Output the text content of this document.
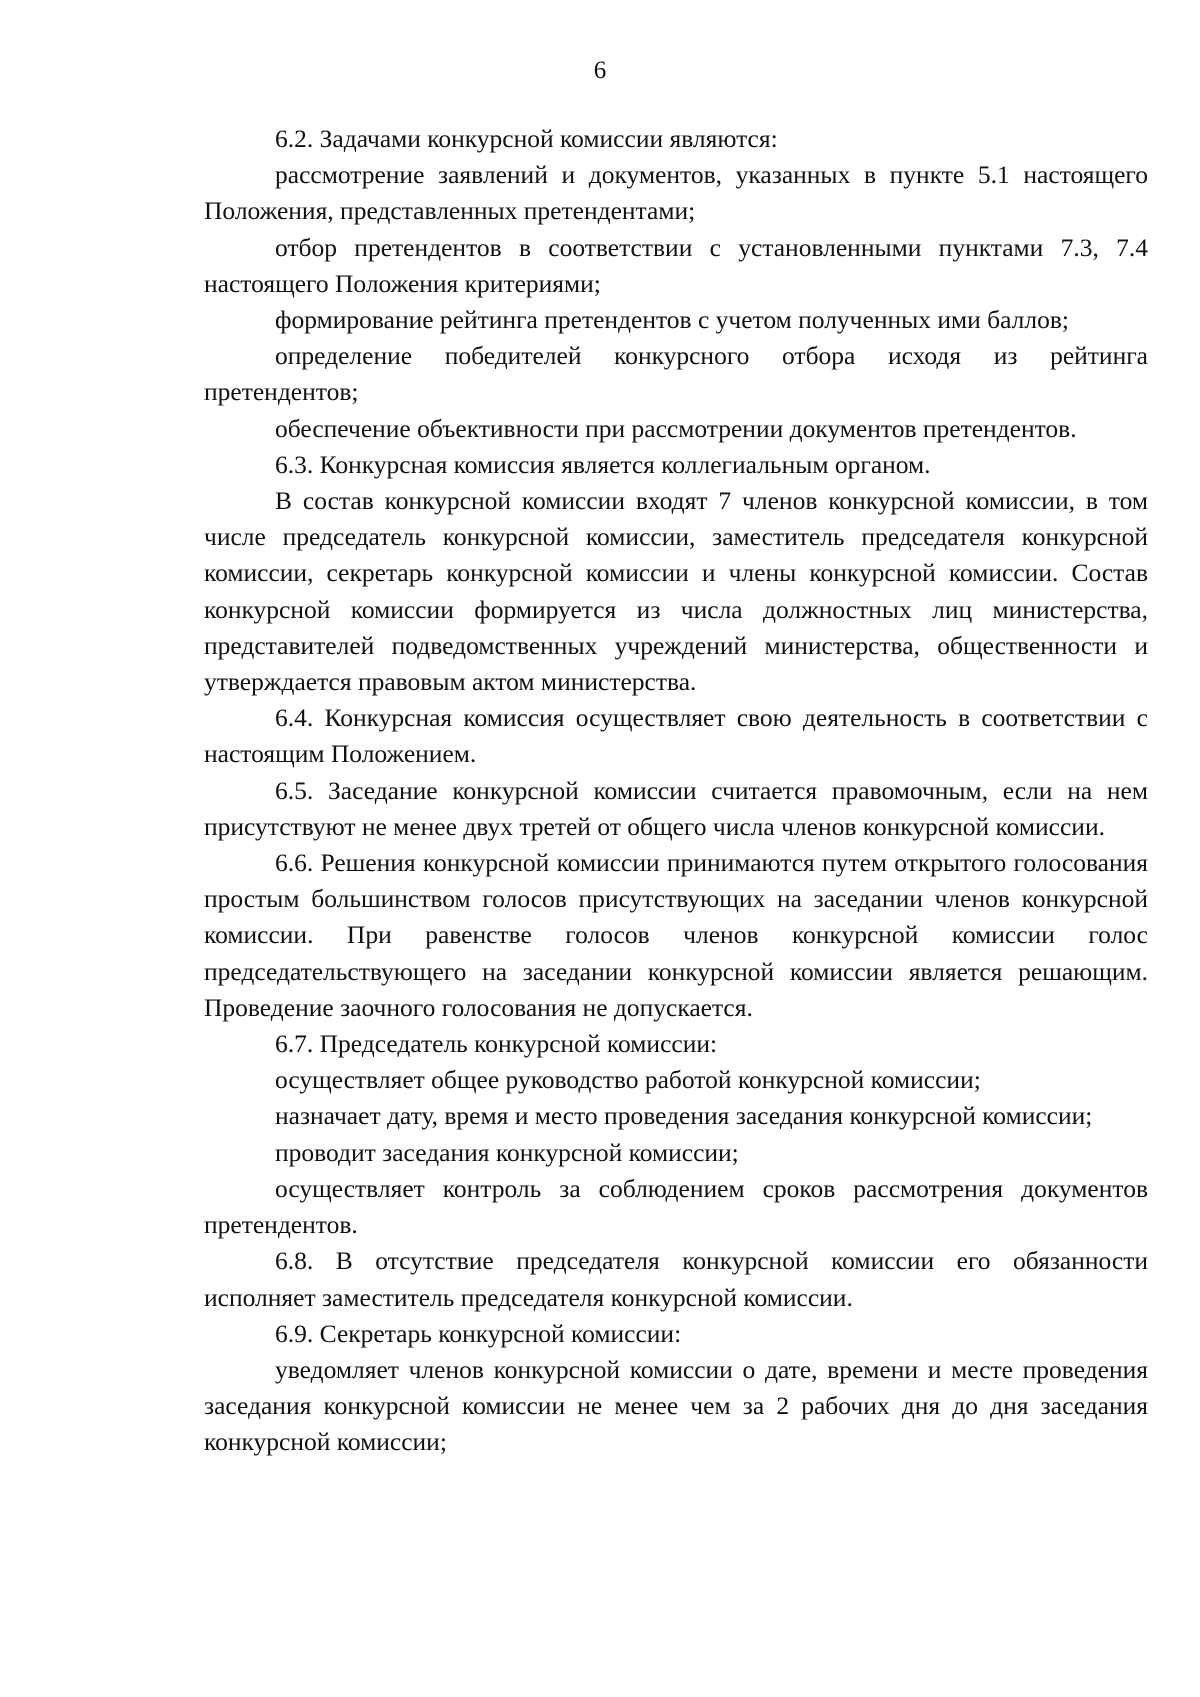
6

6.2. Задачами конкурсной комиссии являются:

рассмотрение заявлений и документов, указанных в пункте 5.1 настоящего Положения, представленных претендентами;

отбор претендентов в соответствии с установленными пунктами 7.3, 7.4 настоящего Положения критериями;

формирование рейтинга претендентов с учетом полученных ими баллов;

определение победителей конкурсного отбора исходя из рейтинга претендентов;

обеспечение объективности при рассмотрении документов претендентов.

6.3. Конкурсная комиссия является коллегиальным органом.

В состав конкурсной комиссии входят 7 членов конкурсной комиссии, в том числе председатель конкурсной комиссии, заместитель председателя конкурсной комиссии, секретарь конкурсной комиссии и члены конкурсной комиссии. Состав конкурсной комиссии формируется из числа должностных лиц министерства, представителей подведомственных учреждений министерства, общественности и утверждается правовым актом министерства.

6.4. Конкурсная комиссия осуществляет свою деятельность в соответствии с настоящим Положением.

6.5. Заседание конкурсной комиссии считается правомочным, если на нем присутствуют не менее двух третей от общего числа членов конкурсной комиссии.

6.6. Решения конкурсной комиссии принимаются путем открытого голосования простым большинством голосов присутствующих на заседании членов конкурсной комиссии. При равенстве голосов членов конкурсной комиссии голос председательствующего на заседании конкурсной комиссии является решающим. Проведение заочного голосования не допускается.

6.7. Председатель конкурсной комиссии:

осуществляет общее руководство работой конкурсной комиссии;

назначает дату, время и место проведения заседания конкурсной комиссии;

проводит заседания конкурсной комиссии;

осуществляет контроль за соблюдением сроков рассмотрения документов претендентов.

6.8. В отсутствие председателя конкурсной комиссии его обязанности исполняет заместитель председателя конкурсной комиссии.

6.9. Секретарь конкурсной комиссии:

уведомляет членов конкурсной комиссии о дате, времени и месте проведения заседания конкурсной комиссии не менее чем за 2 рабочих дня до дня заседания конкурсной комиссии;
